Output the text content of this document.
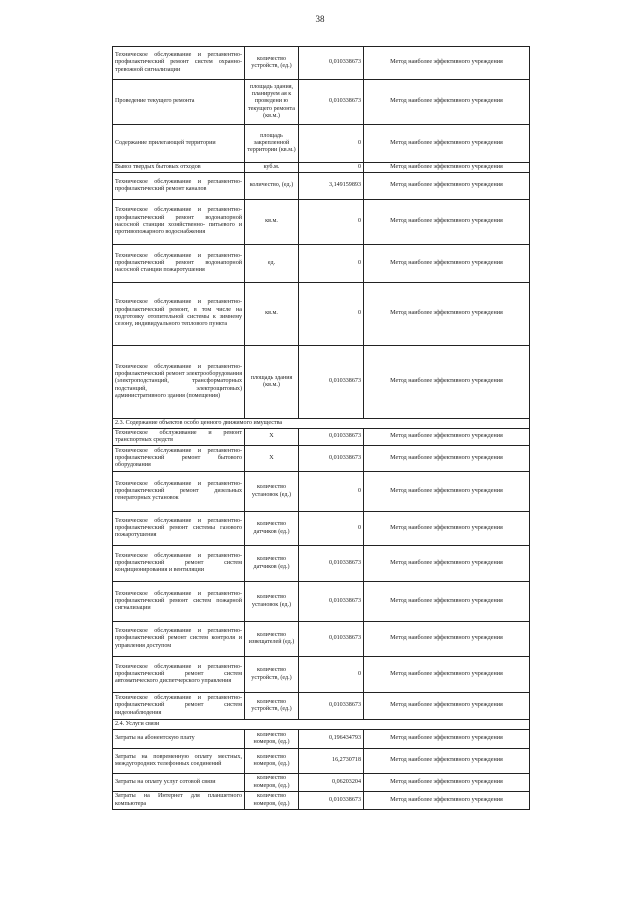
38
Техническое обслуживание и регламентно- профилактический ремонт систем охранно- тревожной сигнализации	количество устройств, (ед.)	0,010338673	Метод наиболее эффективного учреждения
Проведение текущего ремонта	площадь здания, планируем ая к проведени ю текущего ремонта (кв.м.)	0,010338673	Метод наиболее эффективного учреждения
Содержание прилегающей территории	площадь закрепленной территории (кв.м.)	0	Метод наиболее эффективного учреждения
Вывоз твердых бытовых отходов	куб.м.	0	Метод наиболее эффективного учреждения
Техническое обслуживание и регламентно- профилактический ремонт каналов	количество, (ед.)	3,149159893	Метод наиболее эффективного учреждения
Техническое обслуживание и регламентно- профилактический ремонт водонапорной насосной станции хозяйственно- питьевого и противопожарного водоснабжения	кв.м.	0	Метод наиболее эффективного учреждения
Техническое обслуживание и регламентно- профилактический ремонт водонапорной насосной станции пожаротушения	ед.	0	Метод наиболее эффективного учреждения
Техническое обслуживание и регламентно- профилактический ремонт, в том числе на подготовку отопительной системы к зимнему сезону, индивидуального теплового пункта	кв.м.	0	Метод наиболее эффективного учреждения
Техническое обслуживание и регламентно- профилактический ремонт электрооборудования (электроподстанций, трансформаторных подстанций, электрощитовых) административного здания (помещения)	площадь здания (кв.м.)	0,010338673	Метод наиболее эффективного учреждения
2.3. Содержание объектов особо ценного движимого имущества			
Техническое обслуживание и ремонт транспортных средств	X	0,010338673	Метод наиболее эффективного учреждения
Техническое обслуживание и регламентно- профилактический ремонт бытового оборудования	X	0,010338673	Метод наиболее эффективного учреждения
Техническое обслуживание и регламентно- профилактический ремонт дизельных генераторных установок	количество установок (ед.)	0	Метод наиболее эффективного учреждения
Техническое обслуживание и регламентно- профилактический ремонт системы газового пожаротушения	количество датчиков (ед.)	0	Метод наиболее эффективного учреждения
Техническое обслуживание и регламентно- профилактический ремонт систем кондиционирования и вентиляции	количество датчиков (ед.)	0,010338673	Метод наиболее эффективного учреждения
Техническое обслуживание и регламентно- профилактический ремонт систем пожарной сигнализации	количество установок (ед.)	0,010338673	Метод наиболее эффективного учреждения
Техническое обслуживание и регламентно- профилактический ремонт систем контроля и управления доступом	количество извещателей (ед.)	0,010338673	Метод наиболее эффективного учреждения
Техническое обслуживание и регламентно- профилактический ремонт систем автоматического диспетчерского управления	количество устройств, (ед.)	0	Метод наиболее эффективного учреждения
Техническое обслуживание и регламентно- профилактический ремонт систем видеонаблюдения	количество устройств, (ед.)	0,010338673	Метод наиболее эффективного учреждения
2.4. Услуги связи			
Затраты на абонентскую плату	количество номеров, (ед.)	0,196434793	Метод наиболее эффективного учреждения
Затраты на повременную оплату местных, междугородних телефонных соединений	количество номеров, (ед.)	16,2730718	Метод наиболее эффективного учреждения
Затраты на оплату услуг сотовой связи	количество номеров, (ед.)	0,06203204	Метод наиболее эффективного учреждения
Затраты на Интернет для планшетного компьютера	количество номеров, (ед.)	0,010338673	Метод наиболее эффективного учреждения
